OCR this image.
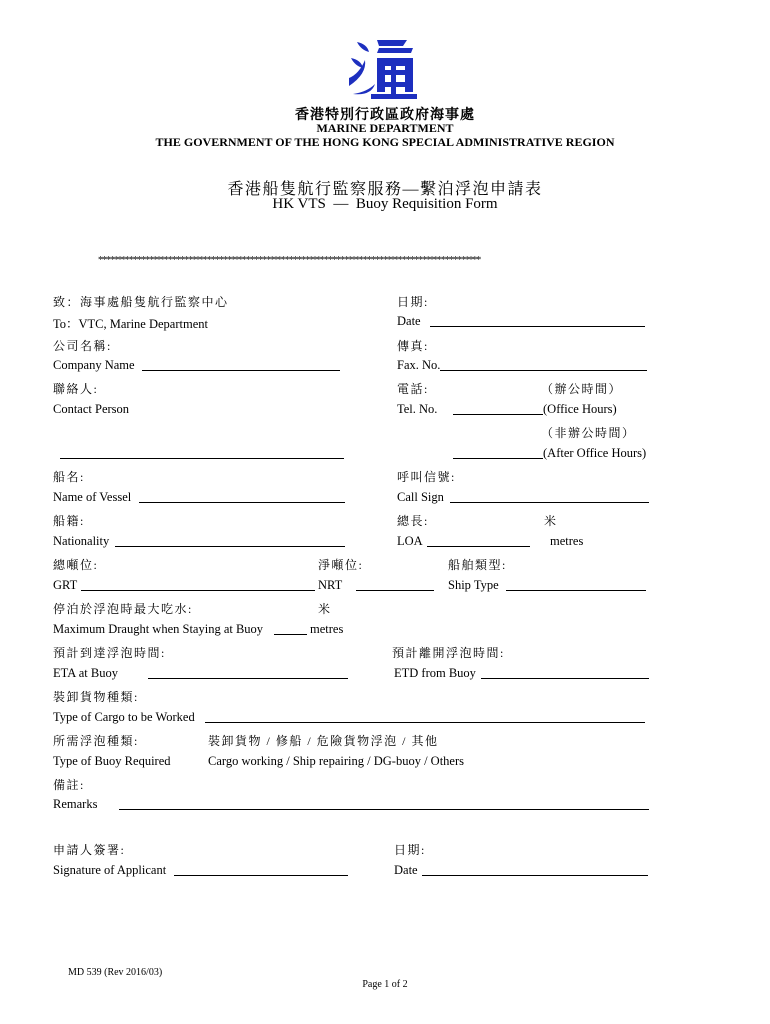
香港特別行政區政府海事處
MARINE DEPARTMENT
THE GOVERNMENT OF THE HONG KONG SPECIAL ADMINISTRATIVE REGION
香港船隻航行監察服務—繫泊浮泡申請表
HK VTS  —  Buoy Requisition Form
**************************************************************************************************
致：海事處船隻航行監察中心	日期:
To：VTC, Marine Department	Date
公司名稱:	傳真:
Company Name	Fax. No.
聯絡人:	電話:	（辦公時間）
Contact Person	Tel. No.	(Office Hours)
（非辦公時間）
(After Office Hours)
船名:	呼叫信號:
Name of Vessel	Call Sign
船籍:	總長:	米
Nationality	LOA	metres
總噸位:	淨噸位:	船舶類型:
GRT	NRT	Ship Type
停泊於浮泡時最大吃水:	米
Maximum Draught when Staying at Buoy	metres
預計到達浮泡時間:	預計離開浮泡時間:
ETA at Buoy	ETD from Buoy
裝卸貨物種類:
Type of Cargo to be Worked
所需浮泡種類:	裝卸貨物 / 修船 / 危險貨物浮泡 / 其他
Type of Buoy Required	Cargo working / Ship repairing / DG-buoy / Others
備註:
Remarks
申請人簽署:	日期:
Signature of Applicant	Date
MD 539 (Rev 2016/03)
Page 1 of 2
